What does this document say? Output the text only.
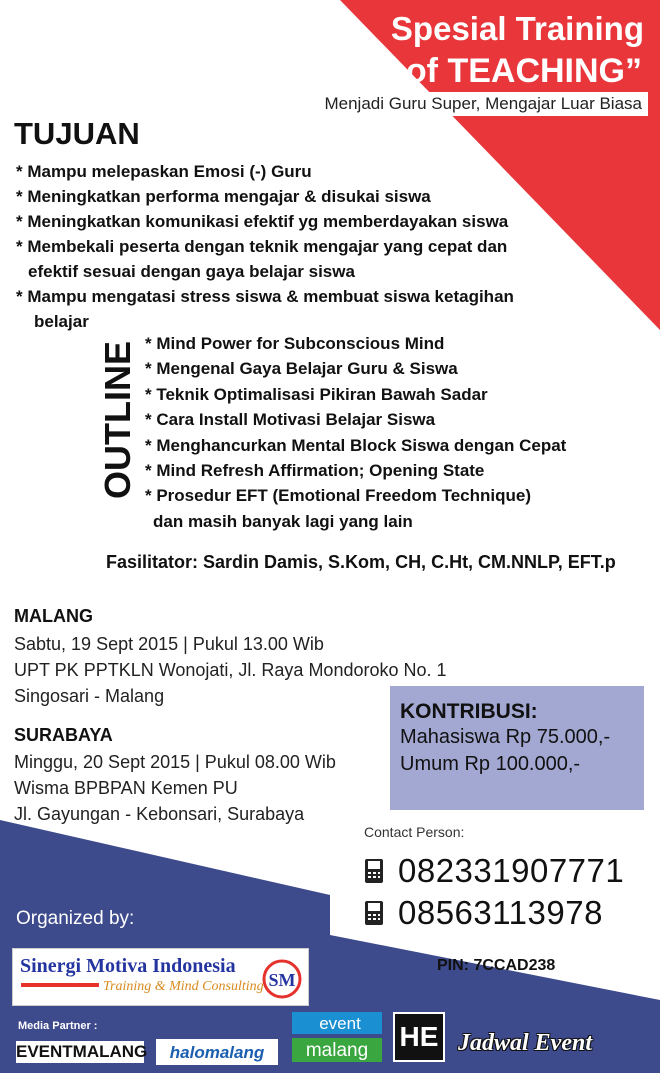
Spesial Training
“MIRACLE of TEACHING”
Menjadi Guru Super, Mengajar Luar Biasa
TUJUAN
* Mampu melepaskan Emosi (-) Guru
* Meningkatkan performa mengajar & disukai siswa
* Meningkatkan komunikasi efektif yg memberdayakan siswa
* Membekali peserta dengan teknik mengajar yang cepat dan
efektif sesuai dengan gaya belajar siswa
* Mampu mengatasi stress siswa & membuat siswa ketagihan
belajar
OUTLINE * Mind Power for Subconscious Mind
* Mengenal Gaya Belajar Guru & Siswa
* Teknik Optimalisasi Pikiran Bawah Sadar
* Cara Install Motivasi Belajar Siswa
* Menghancurkan Mental Block Siswa dengan Cepat
* Mind Refresh Affirmation; Opening State
* Prosedur EFT (Emotional Freedom Technique)
dan masih banyak lagi yang lain
Fasilitator: Sardin Damis, S.Kom, CH, C.Ht, CM.NNLP, EFT.p
MALANG
Sabtu, 19 Sept 2015 | Pukul 13.00 Wib
UPT PK PPTKLN Wonojati, Jl. Raya Mondoroko No. 1
Singosari - Malang
SURABAYA
Minggu, 20 Sept 2015 | Pukul 08.00 Wib
Wisma BPBPAN Kemen PU
Jl. Gayungan - Kebonsari, Surabaya
KONTRIBUSI:
Mahasiswa Rp 75.000,-
Umum Rp 100.000,-
Contact Person:
082331907771
08563113978
PIN: 7CCAD238
Organized by:
Sinergi Motiva Indonesia
Training & Mind Consulting SM
Media Partner :
EVENTMALANG halomalang
event
malang HE Jadwal Event
